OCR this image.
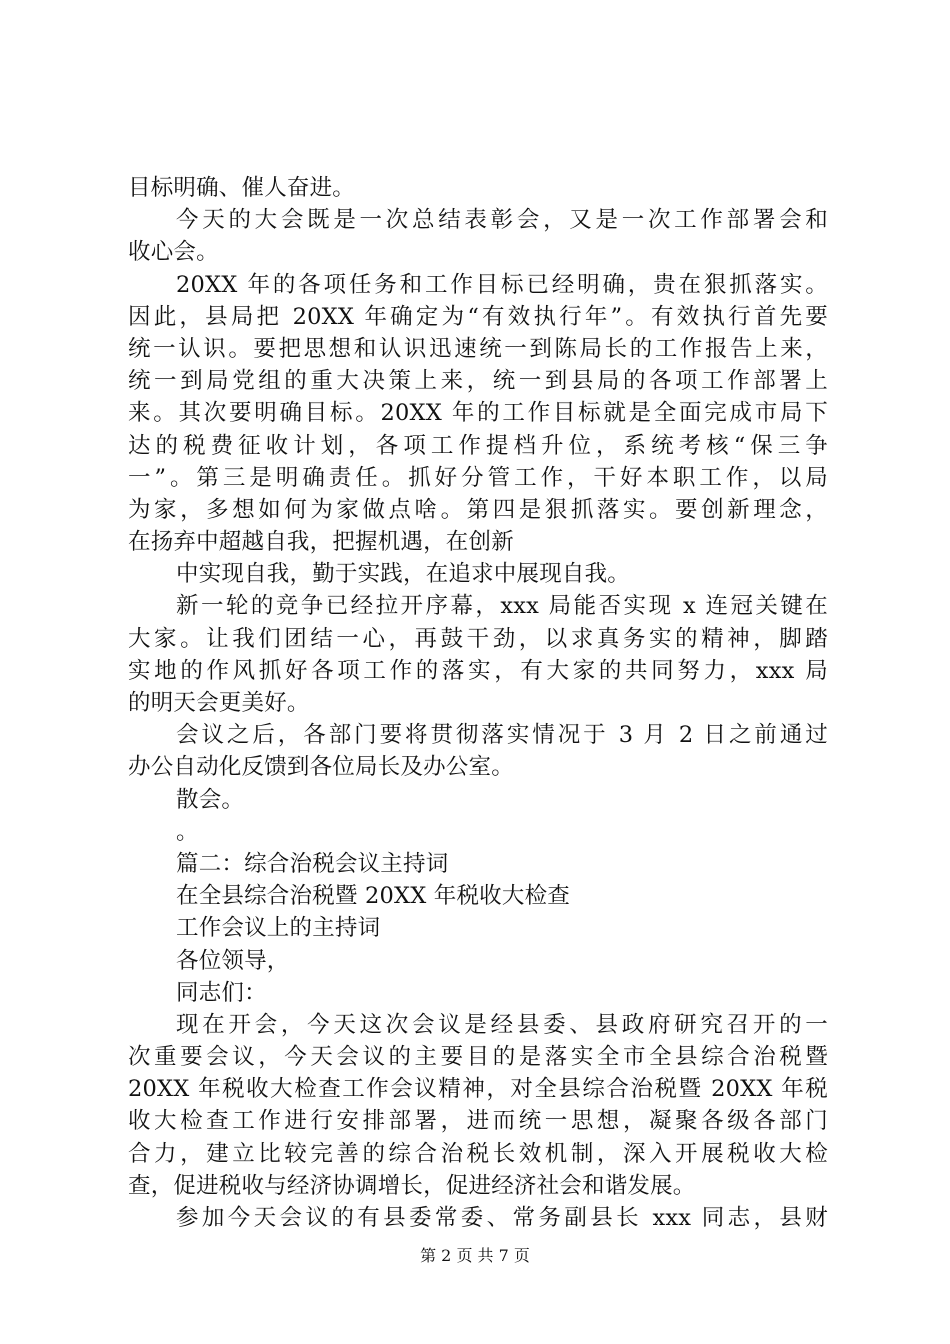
目标明确、催人奋进。
今天的大会既是一次总结表彰会，又是一次工作部署会和
收心会。
20XX 年的各项任务和工作目标已经明确，贵在狠抓落实。
因此，县局把 20XX 年确定为“有效执行年”。有效执行首先要
统一认识。要把思想和认识迅速统一到陈局长的工作报告上来，
统一到局党组的重大决策上来，统一到县局的各项工作部署上
来。其次要明确目标。20XX 年的工作目标就是全面完成市局下
达的税费征收计划，各项工作提档升位，系统考核“保三争
一”。第三是明确责任。抓好分管工作，干好本职工作，以局
为家，多想如何为家做点啥。第四是狠抓落实。要创新理念，
在扬弃中超越自我，把握机遇，在创新
中实现自我，勤于实践，在追求中展现自我。
新一轮的竞争已经拉开序幕，xxx 局能否实现 x 连冠关键在
大家。让我们团结一心，再鼓干劲，以求真务实的精神，脚踏
实地的作风抓好各项工作的落实，有大家的共同努力，xxx 局
的明天会更美好。
会议之后，各部门要将贯彻落实情况于 3 月 2 日之前通过
办公自动化反馈到各位局长及办公室。
散会。
。
篇二：综合治税会议主持词
在全县综合治税暨 20XX 年税收大检查
工作会议上的主持词
各位领导，
同志们：
现在开会，今天这次会议是经县委、县政府研究召开的一
次重要会议，今天会议的主要目的是落实全市全县综合治税暨
20XX 年税收大检查工作会议精神，对全县综合治税暨 20XX 年税
收大检查工作进行安排部署，进而统一思想，凝聚各级各部门
合力，建立比较完善的综合治税长效机制，深入开展税收大检
查，促进税收与经济协调增长，促进经济社会和谐发展。
参加今天会议的有县委常委、常务副县长 xxx 同志，县财
第 2 页 共 7 页
